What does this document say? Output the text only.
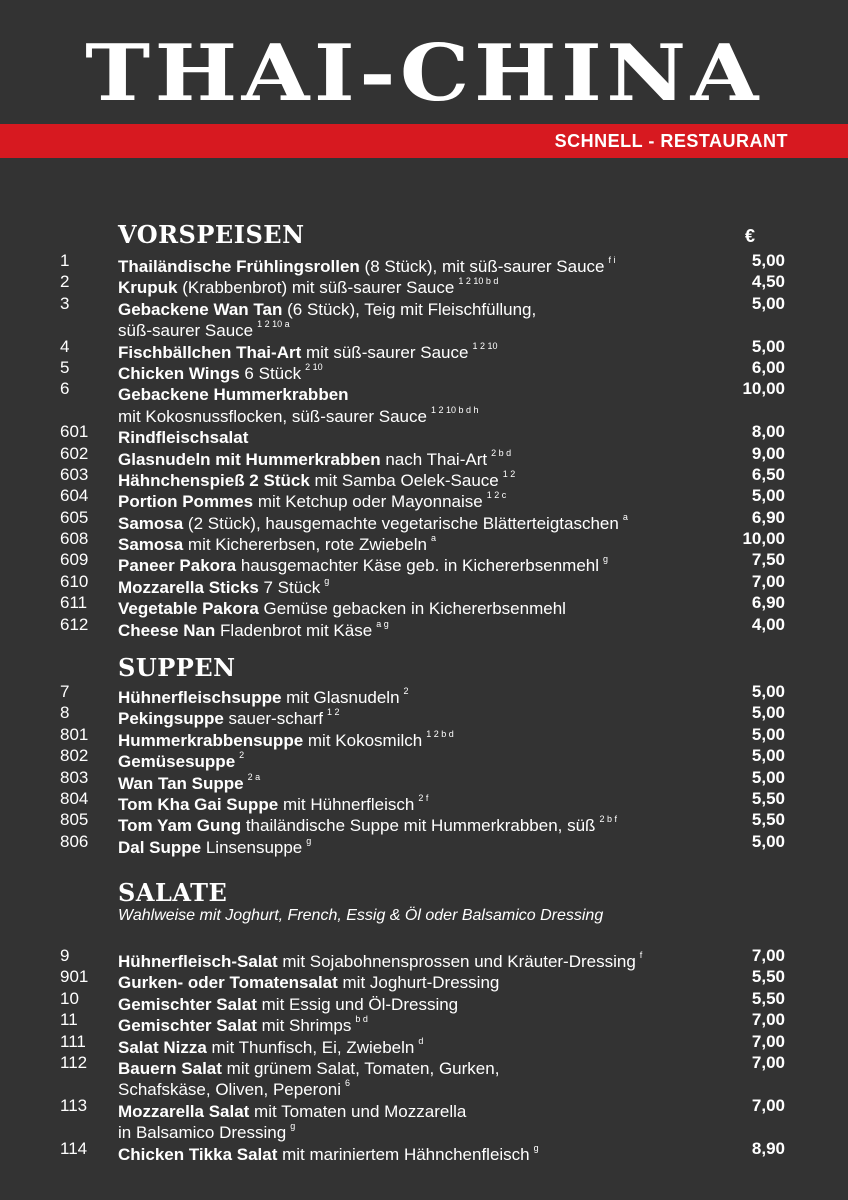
THAI-CHINA
SCHNELL - RESTAURANT
VORSPEISEN	€
1	Thailändische Frühlingsrollen (8 Stück), mit süß-saurer Sauce $^{f i}$	5,00
2	Krupuk (Krabbenbrot) mit süß-saurer Sauce $^{1 2 10 b d}$	4,50
3	Gebackene Wan Tan (6 Stück), Teig mit Fleischfüllung,	5,00
süß-saurer Sauce $^{1 2 10 a}$
4	Fischbällchen Thai-Art mit süß-saurer Sauce $^{1 2 10}$	5,00
5	Chicken Wings 6 Stück $^{2 10}$	6,00
6	Gebackene Hummerkrabben	10,00
mit Kokosnussflocken, süß-saurer Sauce $^{1 2 10 b d h}$
601 Rindfleischsalat	8,00
602 Glasnudeln mit Hummerkrabben nach Thai-Art $^{2 b d}$	9,00
603 Hähnchenspieß 2 Stück mit Samba Oelek-Sauce $^{1 2}$	6,50
604 Portion Pommes mit Ketchup oder Mayonnaise $^{1 2 c}$	5,00
605 Samosa (2 Stück), hausgemachte vegetarische Blätterteigtaschen $^a$	6,90
608 Samosa mit Kichererbsen, rote Zwiebeln $^a$	10,00
609 Paneer Pakora hausgemachter Käse geb. in Kichererbsenmehl $^g$	7,50
610 Mozzarella Sticks 7 Stück $^g$	7,00
611 Vegetable Pakora Gemüse gebacken in Kichererbsenmehl	6,90
612 Cheese Nan Fladenbrot mit Käse $^{a g}$	4,00
SUPPEN
7	Hühnerfleischsuppe mit Glasnudeln $^2$	5,00
8	Pekingsuppe sauer-scharf $^{1 2}$	5,00
801 Hummerkrabbensuppe mit Kokosmilch $^{1 2 b d}$	5,00
802 Gemüsesuppe $^2$	5,00
803 Wan Tan Suppe $^{2 a}$	5,00
804 Tom Kha Gai Suppe mit Hühnerfleisch $^{2 f}$	5,50
805 Tom Yam Gung thailändische Suppe mit Hummerkrabben, süß $^{2 b f}$	5,50
806 Dal Suppe Linsensuppe $^g$	5,00
SALATE
Wahlweise mit Joghurt, French, Essig & Öl oder Balsamico Dressing
9	Hühnerfleisch-Salat mit Sojabohnensprossen und Kräuter-Dressing $^f$	7,00
901 Gurken- oder Tomatensalat mit Joghurt-Dressing	5,50
10 Gemischter Salat mit Essig und Öl-Dressing	5,50
11 Gemischter Salat mit Shrimps $^{b d}$	7,00
111 Salat Nizza mit Thunfisch, Ei, Zwiebeln $^d$	7,00
112 Bauern Salat mit grünem Salat, Tomaten, Gurken,	7,00
Schafskäse, Oliven, Peperoni $^6$
113 Mozzarella Salat mit Tomaten und Mozzarella	7,00
in Balsamico Dressing $^g$
114 Chicken Tikka Salat mit mariniertem Hähnchenfleisch $^g$	8,90
